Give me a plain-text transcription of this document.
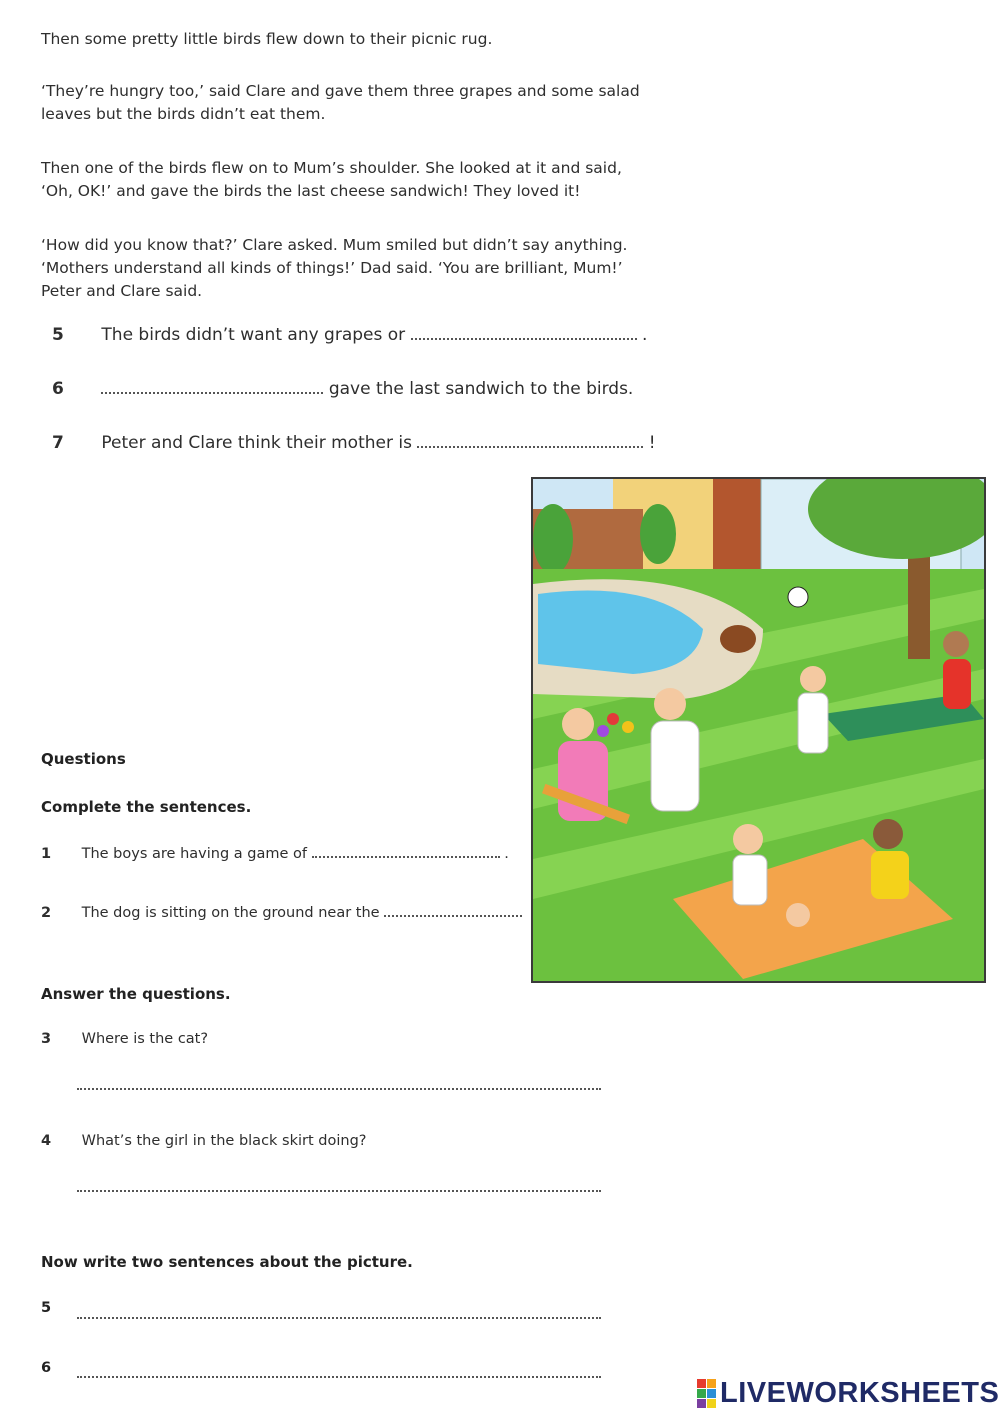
Then some pretty little birds flew down to their picnic rug.

‘They’re hungry too,’ said Clare and gave them three grapes and some salad
leaves but the birds didn’t eat them.

Then one of the birds flew on to Mum’s shoulder. She looked at it and said,
‘Oh, OK!’ and gave the birds the last cheese sandwich! They loved it!

‘How did you know that?’ Clare asked. Mum smiled but didn’t say anything.
‘Mothers understand all kinds of things!’ Dad said. ‘You are brilliant, Mum!’
Peter and Clare said.

5 The birds didn’t want any grapes or	.
6	gave the last sandwich to the birds.
7 Peter and Clare think their mother is	!
Questions
Complete the sentences.
1 The boys are having a game of	.
2 The dog is sitting on the ground near the
Answer the questions.
3 Where is the cat?
4 What’s the girl in the black skirt doing?
Now write two sentences about the picture.
5
6
LIVEWORKSHEETS
